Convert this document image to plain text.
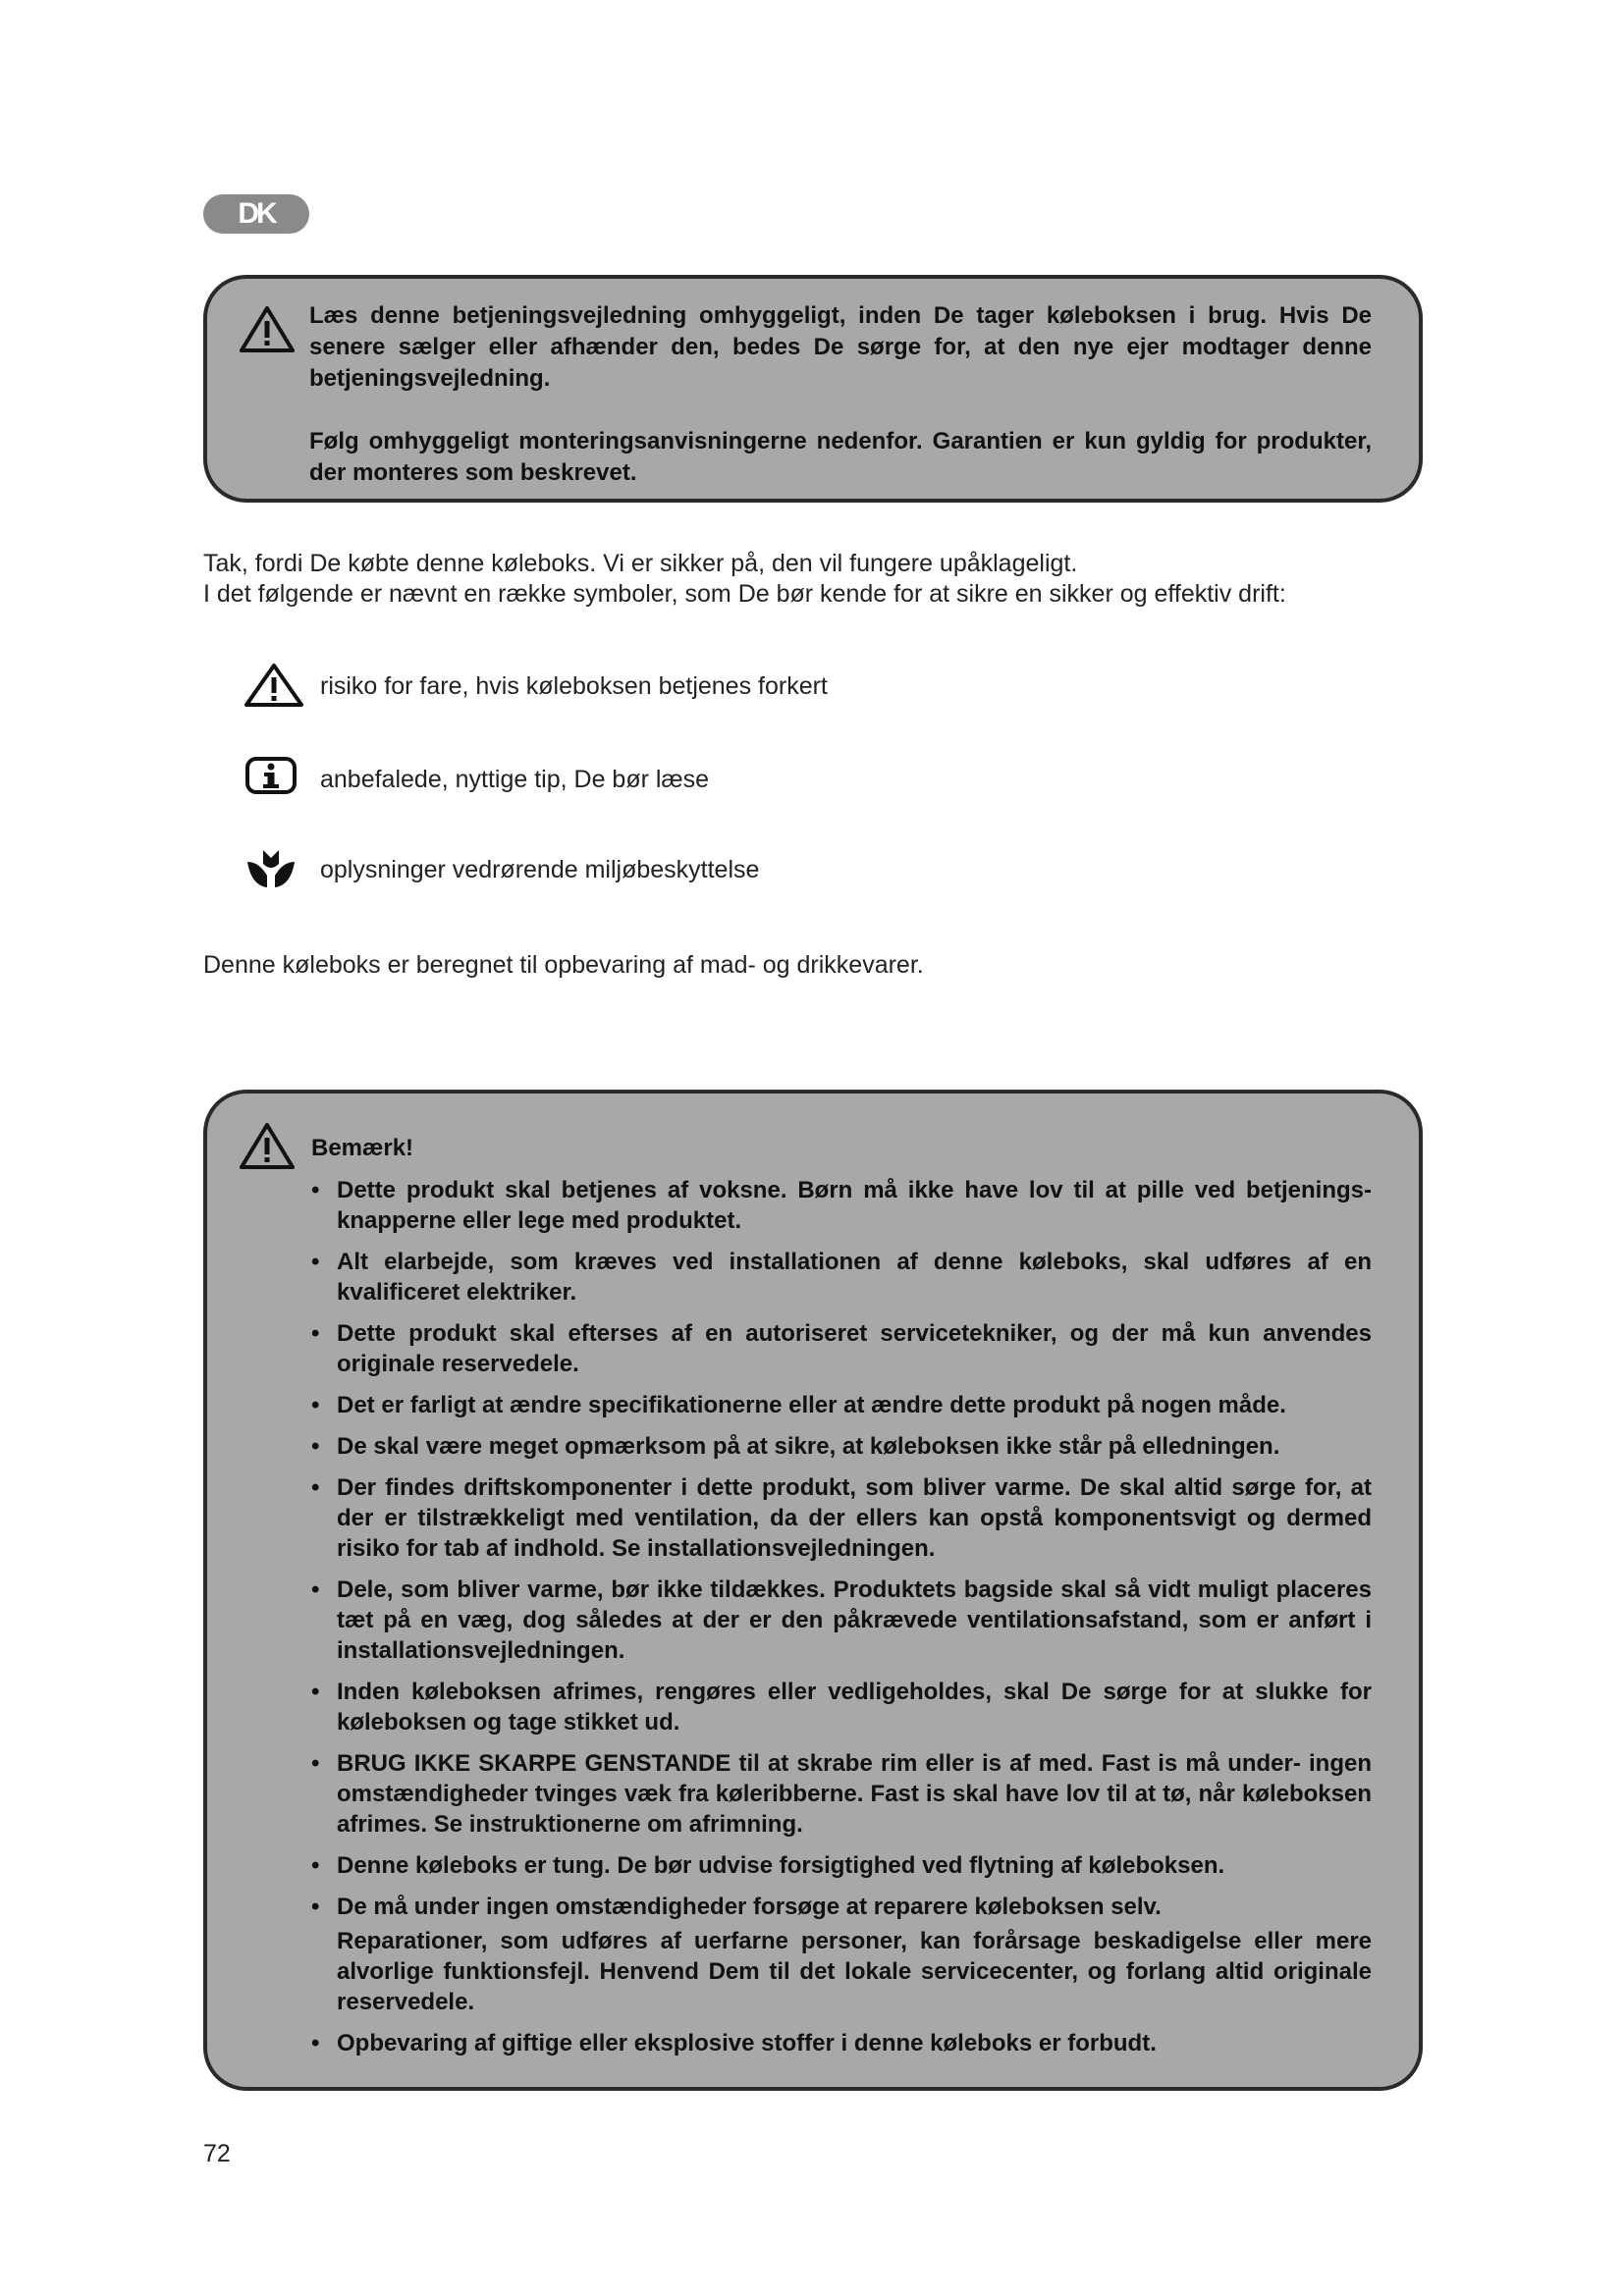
DK
Læs denne betjeningsvejledning omhyggeligt, inden De tager køleboksen i brug. Hvis De senere sælger eller afhænder den, bedes De sørge for, at den nye ejer modtager denne betjeningsvejledning.
Følg omhyggeligt monteringsanvisningerne nedenfor. Garantien er kun gyldig for produkter, der monteres som beskrevet.
Tak, fordi De købte denne køleboks. Vi er sikker på, den vil fungere upåklageligt.
I det følgende er nævnt en række symboler, som De bør kende for at sikre en sikker og effektiv drift:
risiko for fare, hvis køleboksen betjenes forkert
anbefalede, nyttige tip, De bør læse
oplysninger vedrørende miljøbeskyttelse
Denne køleboks er beregnet til opbevaring af mad- og drikkevarer.
Bemærk!
• Dette produkt skal betjenes af voksne. Børn må ikke have lov til at pille ved betjenings- knapperne eller lege med produktet.
• Alt elarbejde, som kræves ved installationen af denne køleboks, skal udføres af en kvalificeret elektriker.
• Dette produkt skal efterses af en autoriseret servicetekniker, og der må kun anvendes originale reservedele.
• Det er farligt at ændre specifikationerne eller at ændre dette produkt på nogen måde.
• De skal være meget opmærksom på at sikre, at køleboksen ikke står på elledningen.
• Der findes driftskomponenter i dette produkt, som bliver varme. De skal altid sørge for, at der er tilstrækkeligt med ventilation, da der ellers kan opstå komponentsvigt og dermed risiko for tab af indhold. Se installationsvejledningen.
• Dele, som bliver varme, bør ikke tildækkes. Produktets bagside skal så vidt muligt placeres tæt på en væg, dog således at der er den påkrævede ventilationsafstand, som er anført i installationsvejledningen.
• Inden køleboksen afrimes, rengøres eller vedligeholdes, skal De sørge for at slukke for køleboksen og tage stikket ud.
• BRUG IKKE SKARPE GENSTANDE til at skrabe rim eller is af med. Fast is må under- ingen omstændigheder tvinges væk fra køleribberne. Fast is skal have lov til at tø, når køleboksen afrimes. Se instruktionerne om afrimning.
• Denne køleboks er tung. De bør udvise forsigtighed ved flytning af køleboksen.
• De må under ingen omstændigheder forsøge at reparere køleboksen selv.
Reparationer, som udføres af uerfarne personer, kan forårsage beskadigelse eller mere alvorlige funktionsfejl. Henvend Dem til det lokale servicecenter, og forlang altid originale reservedele.
• Opbevaring af giftige eller eksplosive stoffer i denne køleboks er forbudt.
72
